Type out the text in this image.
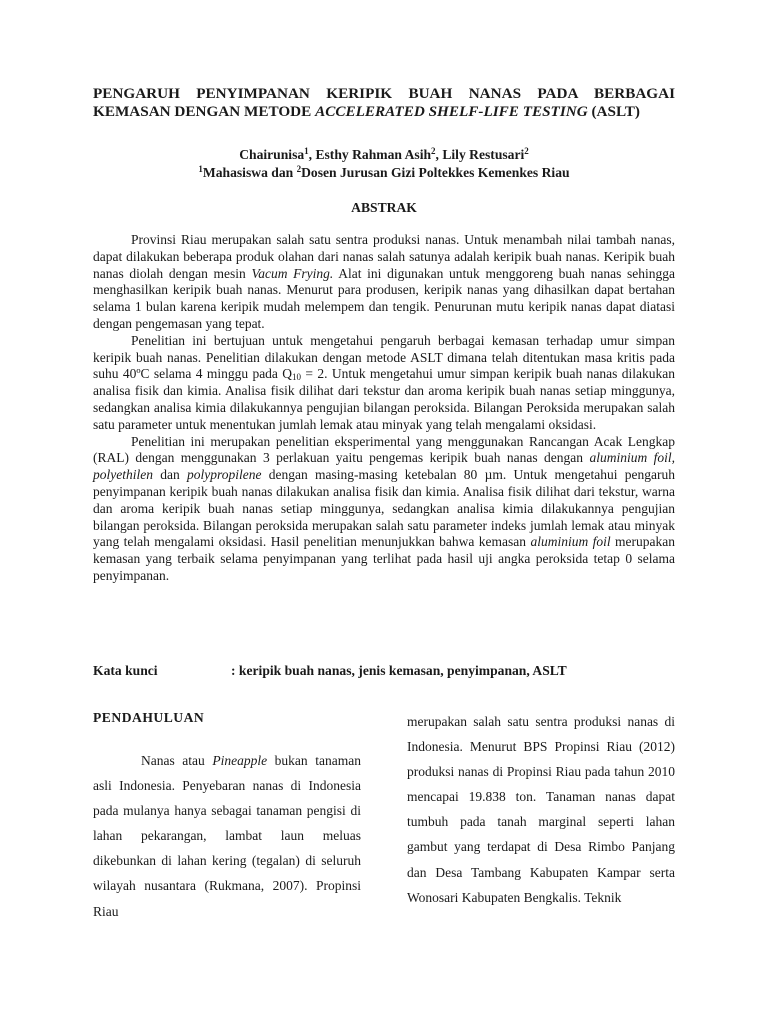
PENGARUH PENYIMPANAN KERIPIK BUAH NANAS PADA BERBAGAI
KEMASAN DENGAN METODE ACCELERATED SHELF-LIFE TESTING (ASLT)
Chairunisa$^1$, Esthy Rahman Asih$^2$, Lily Restusari$^2$
$^1$Mahasiswa dan $^2$Dosen Jurusan Gizi Poltekkes Kemenkes Riau
ABSTRAK

Provinsi Riau merupakan salah satu sentra produksi nanas. Untuk menambah nilai tambah nanas, dapat dilakukan beberapa produk olahan dari nanas salah satunya adalah keripik buah nanas. Keripik buah nanas diolah dengan mesin Vacum Frying. Alat ini digunakan untuk menggoreng buah nanas sehingga menghasilkan keripik buah nanas. Menurut para produsen, keripik nanas yang dihasilkan dapat bertahan selama 1 bulan karena keripik mudah melempem dan tengik. Penurunan mutu keripik nanas dapat diatasi dengan pengemasan yang tepat.

Penelitian ini bertujuan untuk mengetahui pengaruh berbagai kemasan terhadap umur simpan keripik buah nanas. Penelitian dilakukan dengan metode ASLT dimana telah ditentukan masa kritis pada suhu 40ºC selama 4 minggu pada $Q_{10} = 2$. Untuk mengetahui umur simpan keripik buah nanas dilakukan analisa fisik dan kimia. Analisa fisik dilihat dari tekstur dan aroma keripik buah nanas setiap minggunya, sedangkan analisa kimia dilakukannya pengujian bilangan peroksida. Bilangan Peroksida merupakan salah satu parameter untuk menentukan jumlah lemak atau minyak yang telah mengalami oksidasi.

Penelitian ini merupakan penelitian eksperimental yang menggunakan Rancangan Acak Lengkap (RAL) dengan menggunakan 3 perlakuan yaitu pengemas keripik buah nanas dengan aluminium foil, polyethilen dan polypropilene dengan masing-masing ketebalan 80 µm. Untuk mengetahui pengaruh penyimpanan keripik buah nanas dilakukan analisa fisik dan kimia. Analisa fisik dilihat dari tekstur, warna dan aroma keripik buah nanas setiap minggunya, sedangkan analisa kimia dilakukannya pengujian bilangan peroksida. Bilangan peroksida merupakan salah satu parameter indeks jumlah lemak atau minyak yang telah mengalami oksidasi. Hasil penelitian menunjukkan bahwa kemasan aluminium foil merupakan kemasan yang terbaik selama penyimpanan yang terlihat pada hasil uji angka peroksida tetap 0 selama penyimpanan.

Kata kunci	: keripik buah nanas, jenis kemasan, penyimpanan, ASLT
PENDAHULUAN

Nanas atau Pineapple bukan tanaman asli Indonesia. Penyebaran nanas di Indonesia pada mulanya hanya sebagai tanaman pengisi di lahan pekarangan, lambat laun meluas dikebunkan di lahan kering (tegalan) di seluruh wilayah nusantara (Rukmana, 2007). Propinsi Riau

merupakan salah satu sentra produksi nanas di Indonesia. Menurut BPS Propinsi Riau (2012) produksi nanas di Propinsi Riau pada tahun 2010 mencapai 19.838 ton. Tanaman nanas dapat tumbuh pada tanah marginal seperti lahan gambut yang terdapat di Desa Rimbo Panjang dan Desa Tambang Kabupaten Kampar serta Wonosari Kabupaten Bengkalis. Teknik
